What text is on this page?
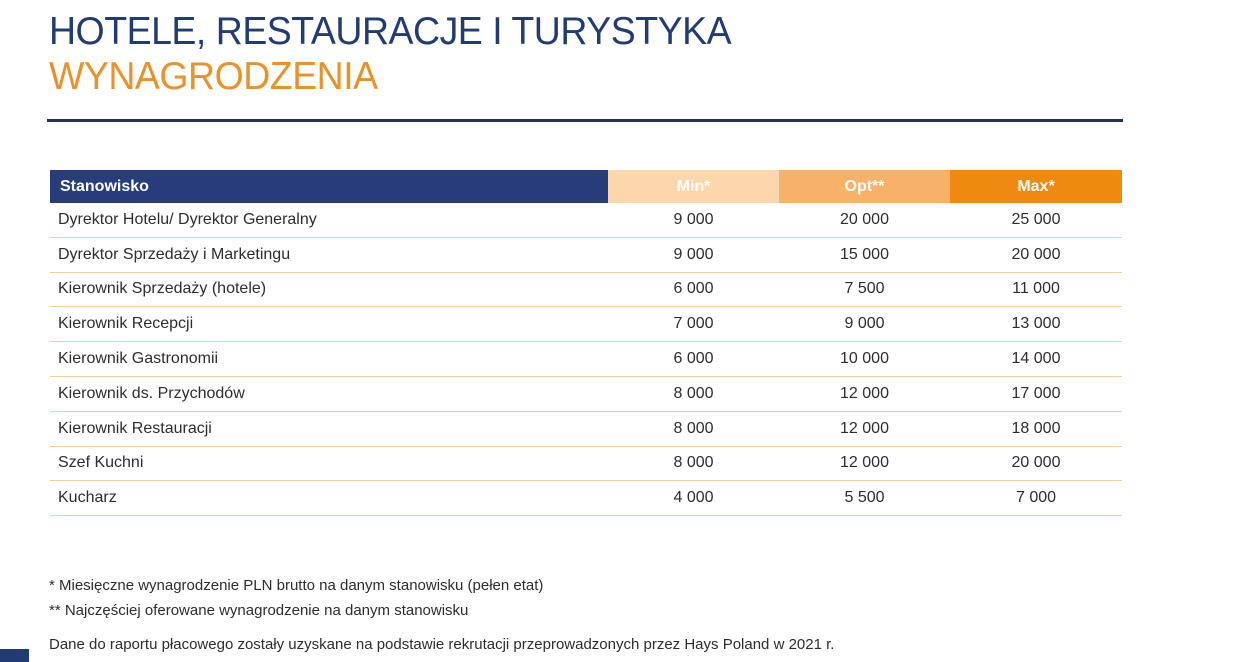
HOTELE, RESTAURACJE I TURYSTYKA
WYNAGRODZENIA
Stanowisko	Min*	Opt**	Max*
Dyrektor Hotelu/ Dyrektor Generalny	9 000	20 000	25 000
Dyrektor Sprzedaży i Marketingu	9 000	15 000	20 000
Kierownik Sprzedaży (hotele)	6 000	7 500	11 000
Kierownik Recepcji	7 000	9 000	13 000
Kierownik Gastronomii	6 000	10 000	14 000
Kierownik ds. Przychodów	8 000	12 000	17 000
Kierownik Restauracji	8 000	12 000	18 000
Szef Kuchni	8 000	12 000	20 000
Kucharz	4 000	5 500	7 000
* Miesięczne wynagrodzenie PLN brutto na danym stanowisku (pełen etat)
** Najczęściej oferowane wynagrodzenie na danym stanowisku
Dane do raportu płacowego zostały uzyskane na podstawie rekrutacji przeprowadzonych przez Hays Poland w 2021 r.
